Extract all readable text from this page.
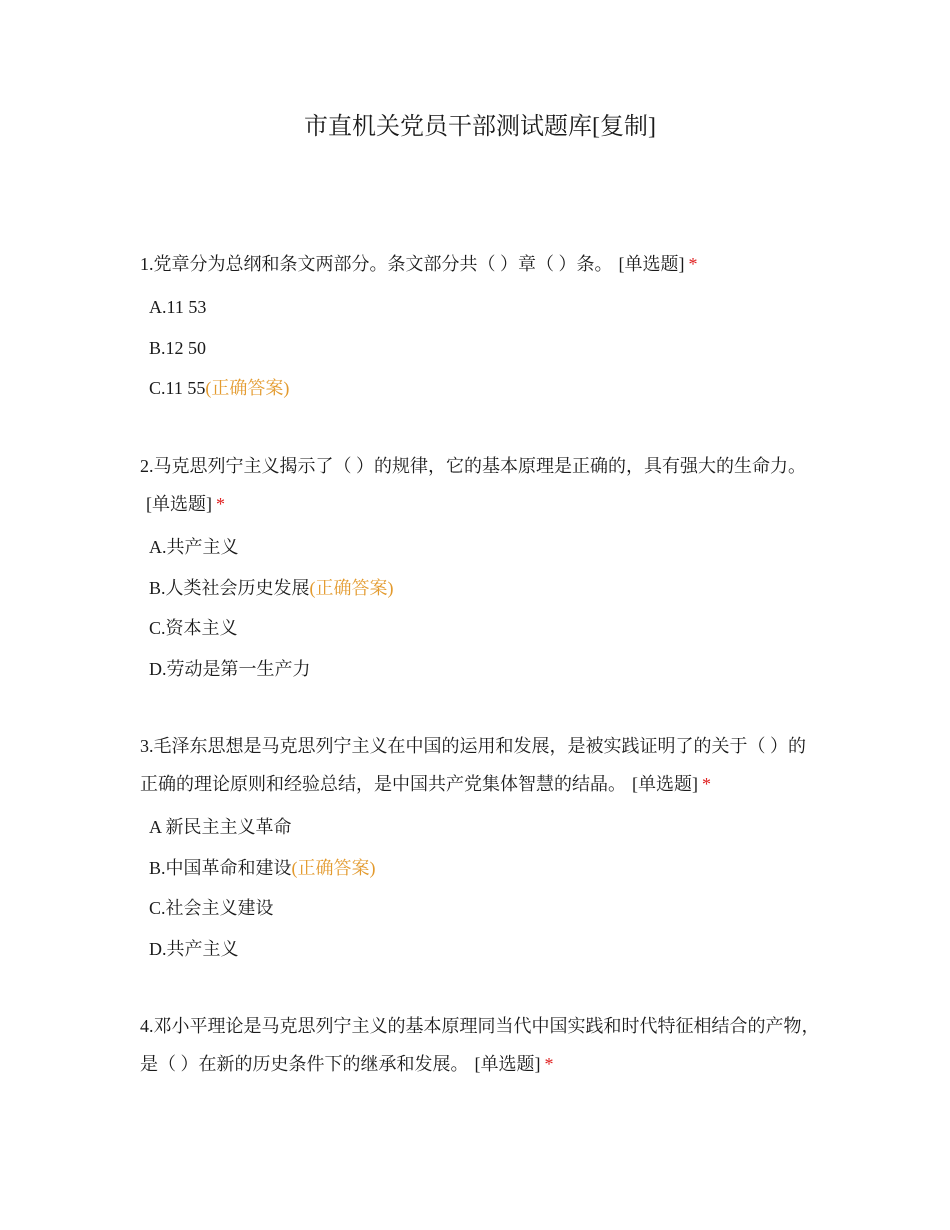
市直机关党员干部测试题库[复制]

1.党章分为总纲和条文两部分。条文部分共（ ）章（ ）条。 [单选题] *

A.11 53
B.12 50
C.11 55(正确答案)

2.马克思列宁主义揭示了（ ）的规律，它的基本原理是正确的，具有强大的生命力。[单选题] *

A.共产主义
B.人类社会历史发展(正确答案)
C.资本主义
D.劳动是第一生产力

3.毛泽东思想是马克思列宁主义在中国的运用和发展，是被实践证明了的关于（ ）的正确的理论原则和经验总结，是中国共产党集体智慧的结晶。 [单选题] *

A 新民主主义革命
B.中国革命和建设(正确答案)
C.社会主义建设
D.共产主义

4.邓小平理论是马克思列宁主义的基本原理同当代中国实践和时代特征相结合的产物，是（ ）在新的历史条件下的继承和发展。 [单选题] *
